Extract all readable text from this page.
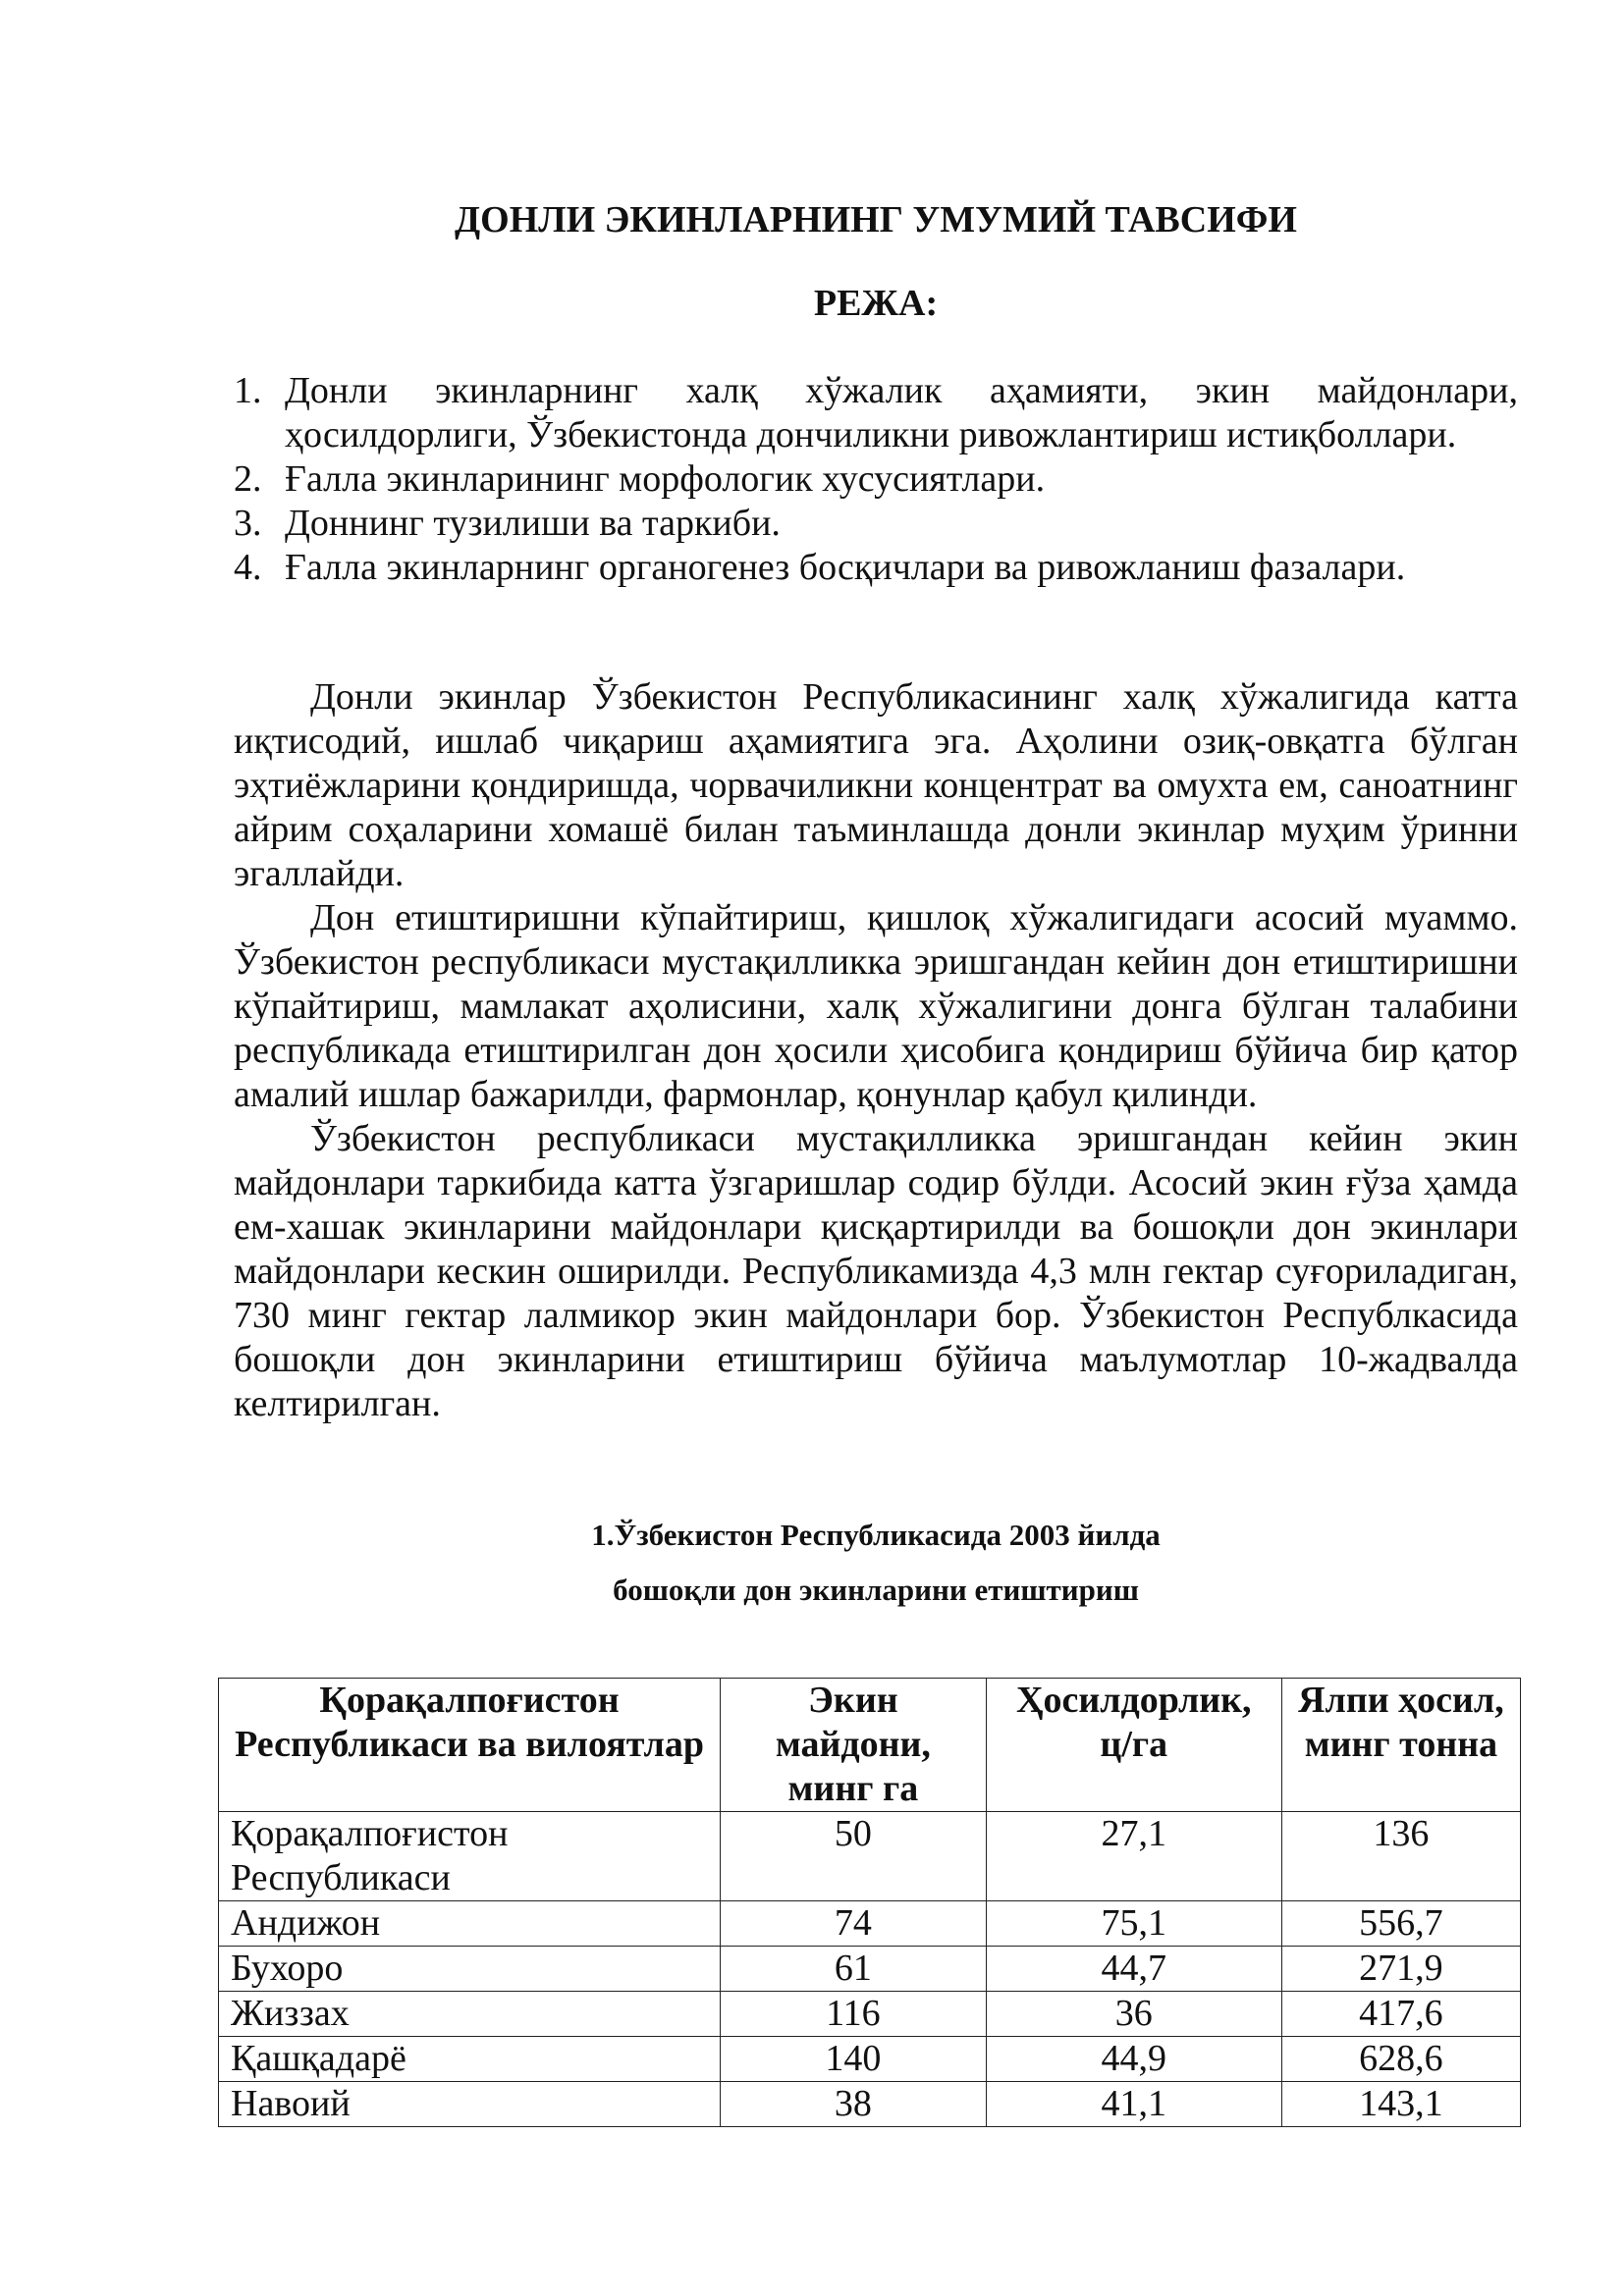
ДОНЛИ ЭКИНЛАРНИНГ УМУМИЙ ТАВСИФИ
РЕЖА:
1. Донли экинларнинг халқ хўжалик аҳамияти, экин майдонлари, ҳосилдорлиги, Ўзбекистонда дончиликни ривожлантириш истиқболлари.
2. Ғалла экинларининг морфологик хусусиятлари.
3. Доннинг тузилиши ва таркиби.
4. Ғалла экинларнинг органогенез босқичлари ва ривожланиш фазалари.

Донли экинлар Ўзбекистон Республикасининг халқ хўжалигида катта иқтисодий, ишлаб чиқариш аҳамиятига эга. Аҳолини озиқ-овқатга бўлган эҳтиёжларини қондиришда, чорвачиликни концентрат ва омухта ем, саноатнинг айрим соҳаларини хомашё билан таъминлашда донли экинлар муҳим ўринни эгаллайди.

Дон етиштиришни кўпайтириш, қишлоқ хўжалигидаги асосий муаммо. Ўзбекистон республикаси мустақилликка эришгандан кейин дон етиштиришни кўпайтириш, мамлакат аҳолисини, халқ хўжалигини донга бўлган талабини республикада етиштирилган дон ҳосили ҳисобига қондириш бўйича бир қатор амалий ишлар бажарилди, фармонлар, қонунлар қабул қилинди.

Ўзбекистон республикаси мустақилликка эришгандан кейин экин майдонлари таркибида катта ўзгаришлар содир бўлди. Асосий экин ғўза ҳамда ем-хашак экинларини майдонлари қисқартирилди ва бошоқли дон экинлари майдонлари кескин оширилди. Республикамизда 4,3 млн гектар суғориладиган, 730 минг гектар лалмикор экин майдонлари бор. Ўзбекистон Республкасида бошоқли дон экинларини етиштириш бўйича маълумотлар 10-жадвалда келтирилган.

1.Ўзбекистон Республикасида 2003 йилда
бошоқли дон экинларини етиштириш
Қорақалпоғистон Республикаси ва вилоятлар	Экин майдони, минг га	Ҳосилдорлик, ц/га	Ялпи ҳосил, минг тонна
Қорақалпоғистон Республикаси	50	27,1	136
Андижон	74	75,1	556,7
Бухоро	61	44,7	271,9
Жиззах	116	36	417,6
Қашқадарё	140	44,9	628,6
Навоий	38	41,1	143,1
